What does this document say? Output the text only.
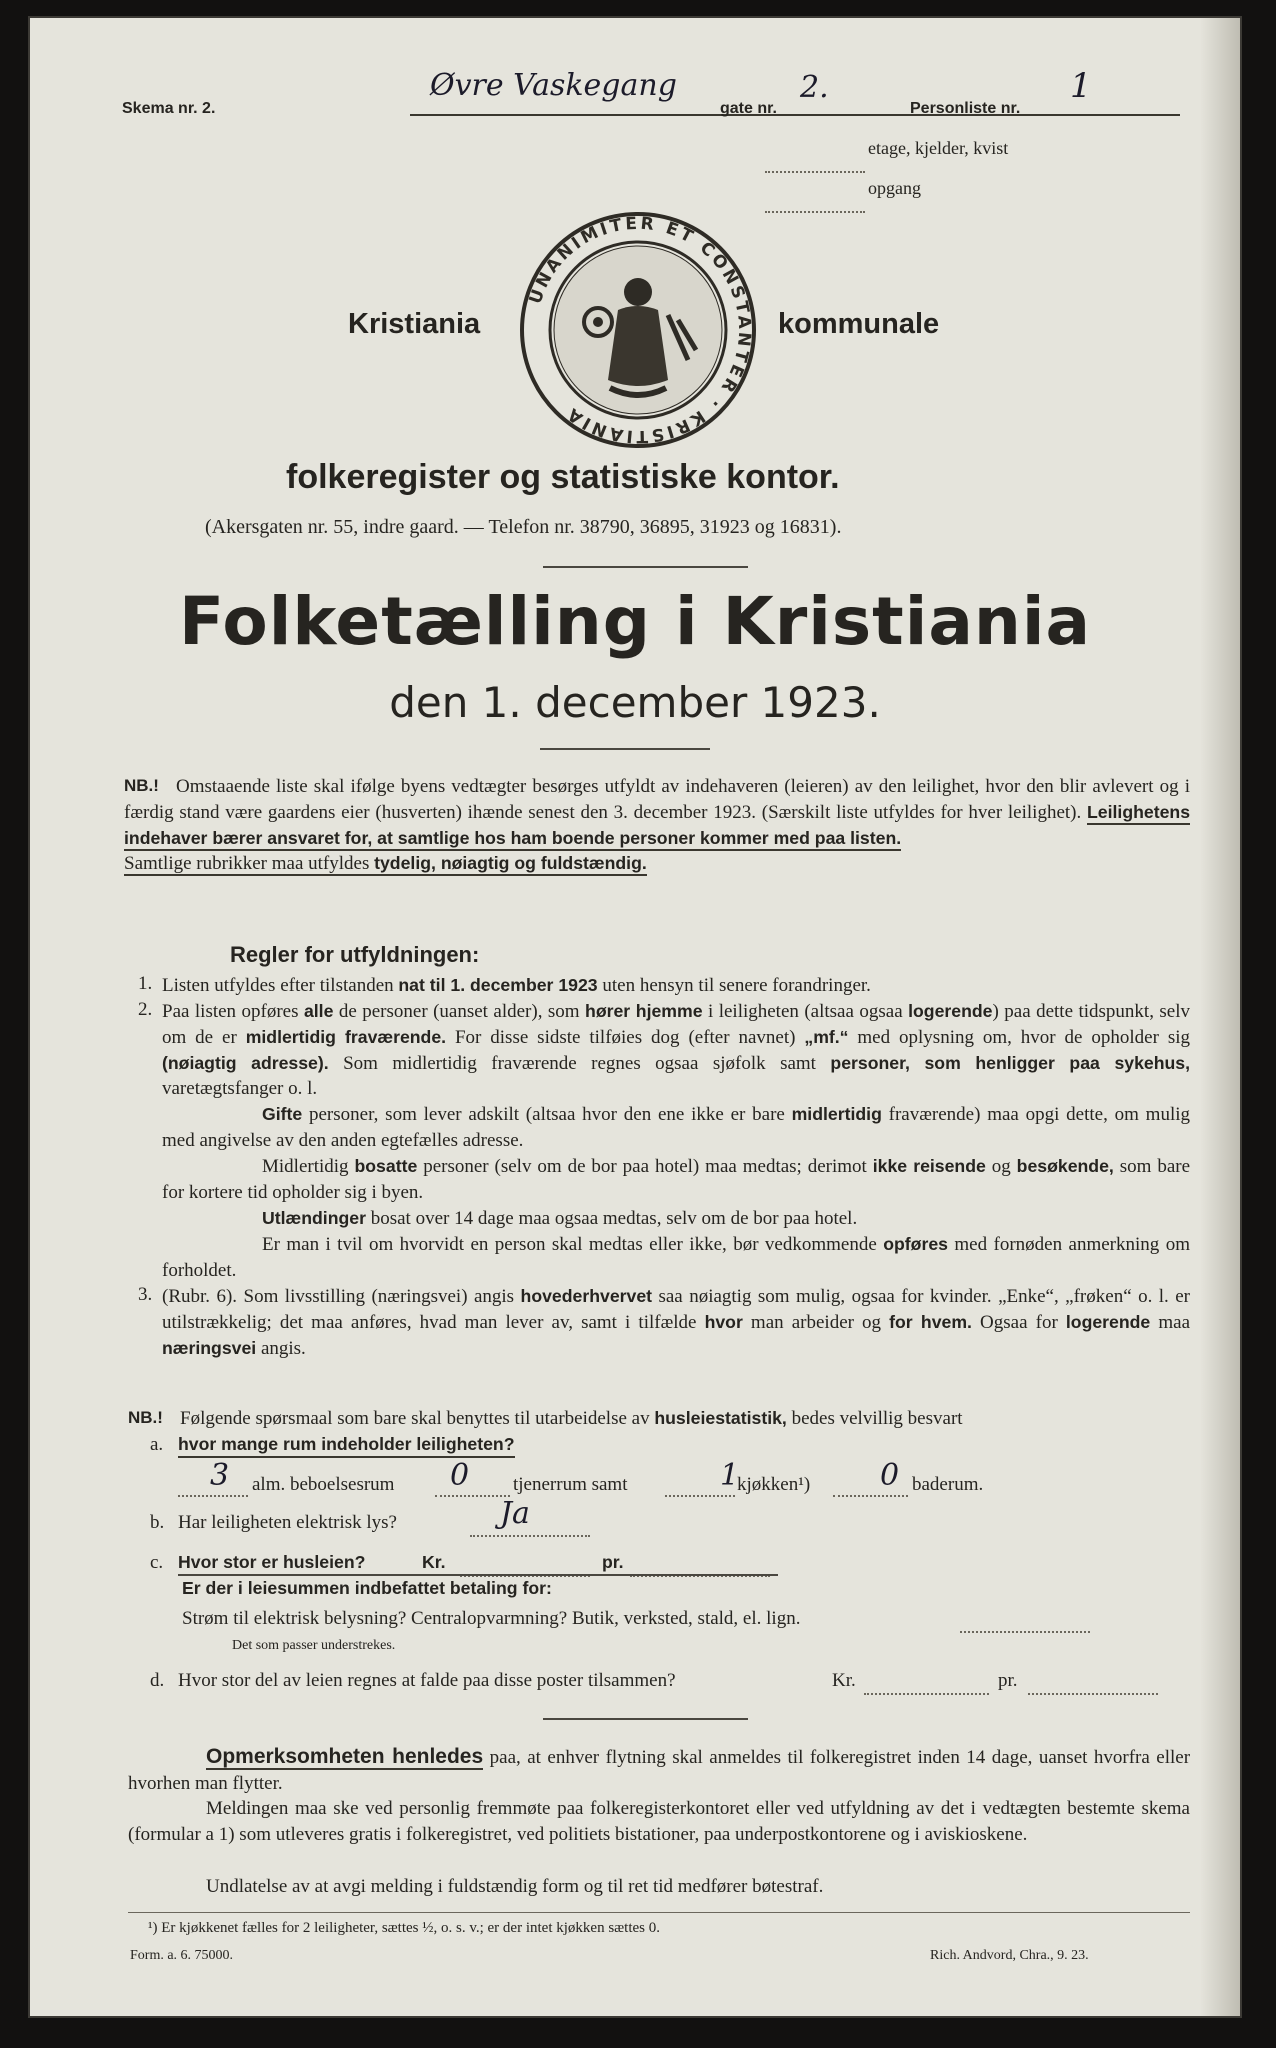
Skema nr. 2.
Øvre Vaskegang
gate nr.
2.
Personliste nr.
1
etage, kjelder, kvist
opgang
Kristiania
UNANIMITER ET CONSTANTER · KRISTIANIA
kommunale
folkeregister og statistiske kontor.
(Akersgaten nr. 55, indre gaard. — Telefon nr. 38790, 36895, 31923 og 16831).
Folketælling i Kristiania
den 1. december 1923.
NB.! Omstaaende liste skal ifølge byens vedtægter besørges utfyldt av indehaveren (leieren) av den leilighet, hvor den blir avlevert og i færdig stand være gaardens eier (husverten) ihænde senest den 3. december 1923. (Særskilt liste utfyldes for hver leilighet). Leilighetens indehaver bærer ansvaret for, at samtlige hos ham boende personer kommer med paa listen.
Samtlige rubrikker maa utfyldes tydelig, nøiagtig og fuldstændig.

Regler for utfyldningen:
1. Listen utfyldes efter tilstanden nat til 1. december 1923 uten hensyn til senere forandringer.

2. Paa listen opføres alle de personer (uanset alder), som hører hjemme i leiligheten (altsaa ogsaa logerende) paa dette tidspunkt, selv om de er midlertidig fraværende. For disse sidste tilføies dog (efter navnet) „mf.“ med oplysning om, hvor de opholder sig (nøiagtig adresse). Som midlertidig fraværende regnes ogsaa sjøfolk samt personer, som henligger paa sykehus, varetægtsfanger o. l.

Gifte personer, som lever adskilt (altsaa hvor den ene ikke er bare midlertidig fraværende) maa opgi dette, om mulig med angivelse av den anden egtefælles adresse.

Midlertidig bosatte personer (selv om de bor paa hotel) maa medtas; derimot ikke reisende og besøkende, som bare for kortere tid opholder sig i byen.

Utlændinger bosat over 14 dage maa ogsaa medtas, selv om de bor paa hotel.

Er man i tvil om hvorvidt en person skal medtas eller ikke, bør vedkommende opføres med fornøden anmerkning om forholdet.

3. (Rubr. 6). Som livsstilling (næringsvei) angis hovederhvervet saa nøiagtig som mulig, ogsaa for kvinder. „Enke“, „frøken“ o. l. er utilstrækkelig; det maa anføres, hvad man lever av, samt i tilfælde hvor man arbeider og for hvem. Ogsaa for logerende maa næringsvei angis.

NB.! Følgende spørsmaal som bare skal benyttes til utarbeidelse av husleiestatistik, bedes velvillig besvart

a. hvor mange rum indeholder leiligheten?
3 alm. beboelsesrum 0 tjenerrum samt	1
kjøkken¹) 0 baderum.
b. Har leiligheten elektrisk lys?	Ja
c. Hvor stor er husleien?	Kr.	pr.
Er der i leiesummen indbefattet betaling for:
Strøm til elektrisk belysning? Centralopvarmning? Butik, verksted, stald, el. lign.
Det som passer understrekes.
d. Hvor stor del av leien regnes at falde paa disse poster tilsammen?	Kr.	pr.

Opmerksomheten henledes paa, at enhver flytning skal anmeldes til folkeregistret inden 14 dage, uanset hvorfra eller hvorhen man flytter.

Meldingen maa ske ved personlig fremmøte paa folkeregisterkontoret eller ved utfyldning av det i vedtægten bestemte skema (formular a 1) som utleveres gratis i folkeregistret, ved politiets bistationer, paa underpostkontorene og i aviskioskene.

Undlatelse av at avgi melding i fuldstændig form og til ret tid medfører bøtestraf.

¹) Er kjøkkenet fælles for 2 leiligheter, sættes ½, o. s. v.; er der intet kjøkken sættes 0.
Form. a. 6. 75000.	Rich. Andvord, Chra., 9. 23.
